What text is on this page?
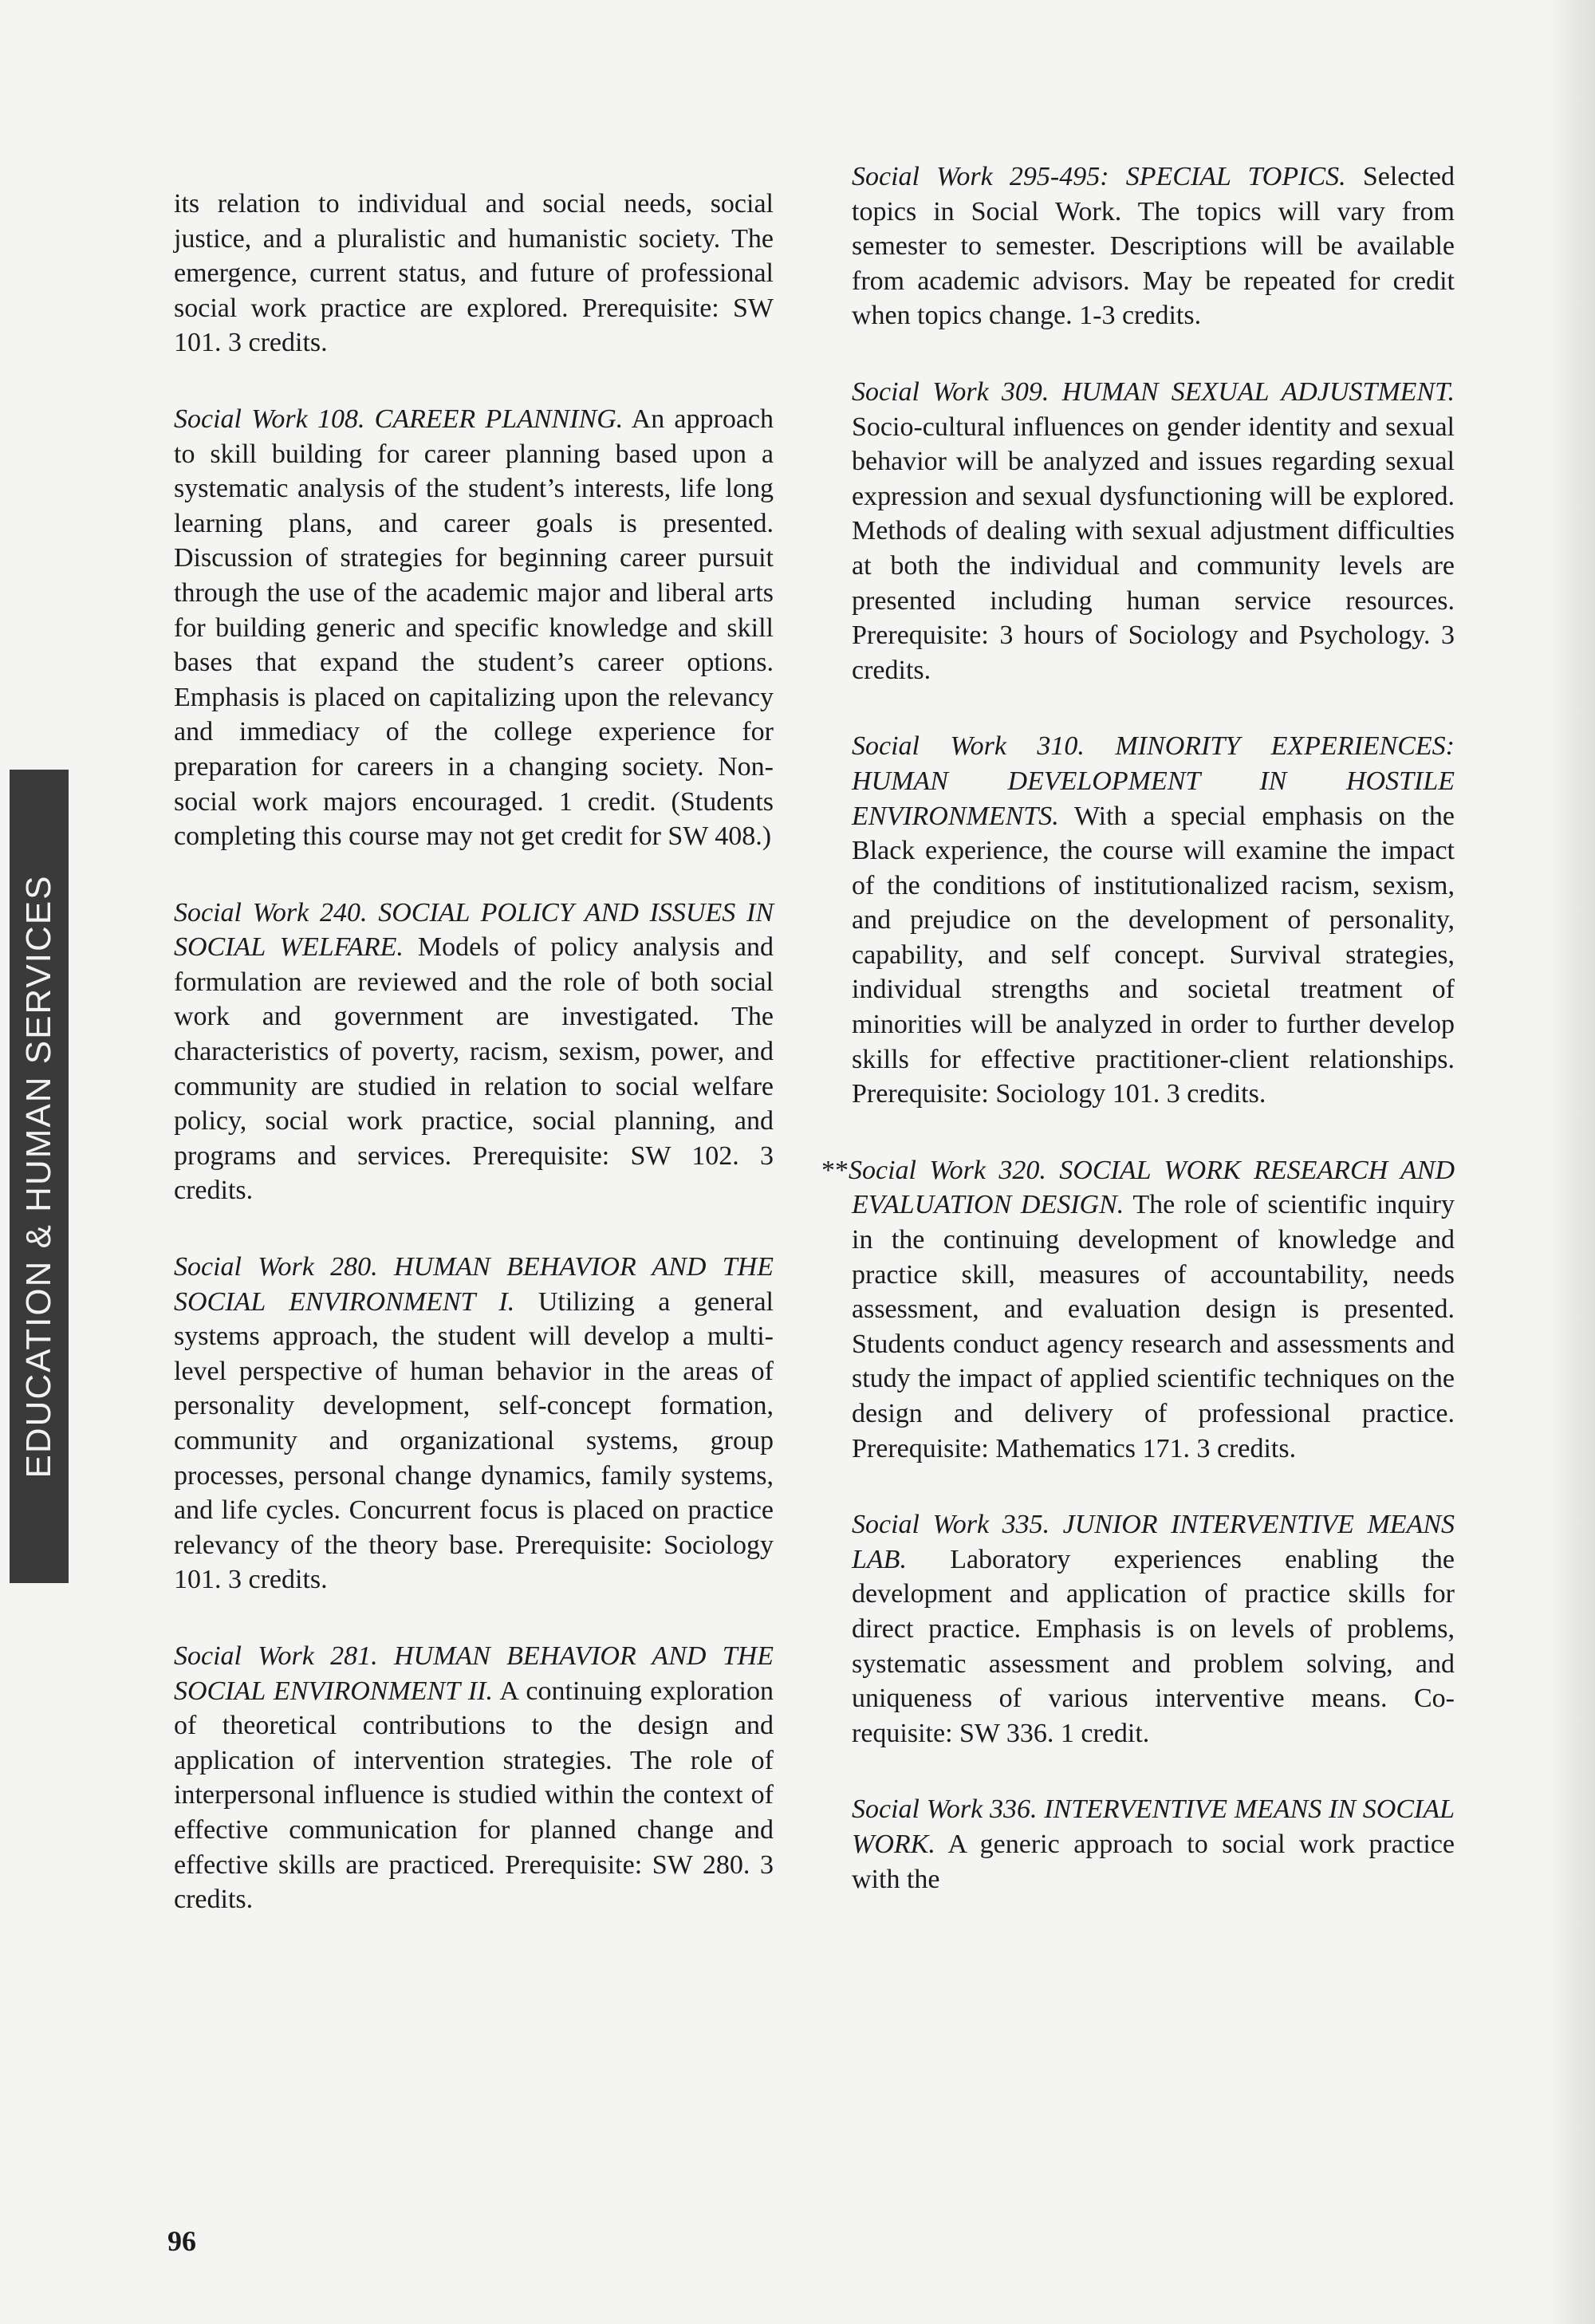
EDUCATION & HUMAN SERVICES

its relation to individual and social needs, social justice, and a pluralistic and humanistic society. The emergence, current status, and future of professional social work practice are explored. Prerequisite: SW 101. 3 credits.

Social Work 108. CAREER PLANNING. An approach to skill building for career planning based upon a systematic analysis of the student’s interests, life long learning plans, and career goals is presented. Discussion of strategies for beginning career pursuit through the use of the academic major and liberal arts for building generic and specific knowledge and skill bases that expand the student’s career options. Emphasis is placed on capitalizing upon the relevancy and immediacy of the college experience for preparation for careers in a changing society. Non-social work majors encouraged. 1 credit. (Students completing this course may not get credit for SW 408.)

Social Work 240. SOCIAL POLICY AND ISSUES IN SOCIAL WELFARE. Models of policy analysis and formulation are reviewed and the role of both social work and government are investigated. The characteristics of poverty, racism, sexism, power, and community are studied in relation to social welfare policy, social work practice, social planning, and programs and services. Prerequisite: SW 102. 3 credits.

Social Work 280. HUMAN BEHAVIOR AND THE SOCIAL ENVIRONMENT I. Utilizing a general systems approach, the student will develop a multi-level perspective of human behavior in the areas of personality development, self-concept formation, community and organizational systems, group processes, personal change dynamics, family systems, and life cycles. Concurrent focus is placed on practice relevancy of the theory base. Prerequisite: Sociology 101. 3 credits.

Social Work 281. HUMAN BEHAVIOR AND THE SOCIAL ENVIRONMENT II. A continuing exploration of theoretical contributions to the design and application of intervention strategies. The role of interpersonal influence is studied within the context of effective communication for planned change and effective skills are practiced. Prerequisite: SW 280. 3 credits.

Social Work 295-495: SPECIAL TOPICS. Selected topics in Social Work. The topics will vary from semester to semester. Descriptions will be available from academic advisors. May be repeated for credit when topics change. 1-3 credits.

Social Work 309. HUMAN SEXUAL ADJUSTMENT. Socio-cultural influences on gender identity and sexual behavior will be analyzed and issues regarding sexual expression and sexual dysfunctioning will be explored. Methods of dealing with sexual adjustment difficulties at both the individual and community levels are presented including human service resources. Prerequisite: 3 hours of Sociology and Psychology. 3 credits.

Social Work 310. MINORITY EXPERIENCES: HUMAN DEVELOPMENT IN HOSTILE ENVIRONMENTS. With a special emphasis on the Black experience, the course will examine the impact of the conditions of institutionalized racism, sexism, and prejudice on the development of personality, capability, and self concept. Survival strategies, individual strengths and societal treatment of minorities will be analyzed in order to further develop skills for effective practitioner-client relationships. Prerequisite: Sociology 101. 3 credits.

**Social Work 320. SOCIAL WORK RESEARCH AND EVALUATION DESIGN. The role of scientific inquiry in the continuing development of knowledge and practice skill, measures of accountability, needs assessment, and evaluation design is presented. Students conduct agency research and assessments and study the impact of applied scientific techniques on the design and delivery of professional practice. Prerequisite: Mathematics 171. 3 credits.

Social Work 335. JUNIOR INTERVENTIVE MEANS LAB. Laboratory experiences enabling the development and application of practice skills for direct practice. Emphasis is on levels of problems, systematic assessment and problem solving, and uniqueness of various interventive means. Co-requisite: SW 336. 1 credit.

Social Work 336. INTERVENTIVE MEANS IN SOCIAL WORK. A generic approach to social work practice with the

96
